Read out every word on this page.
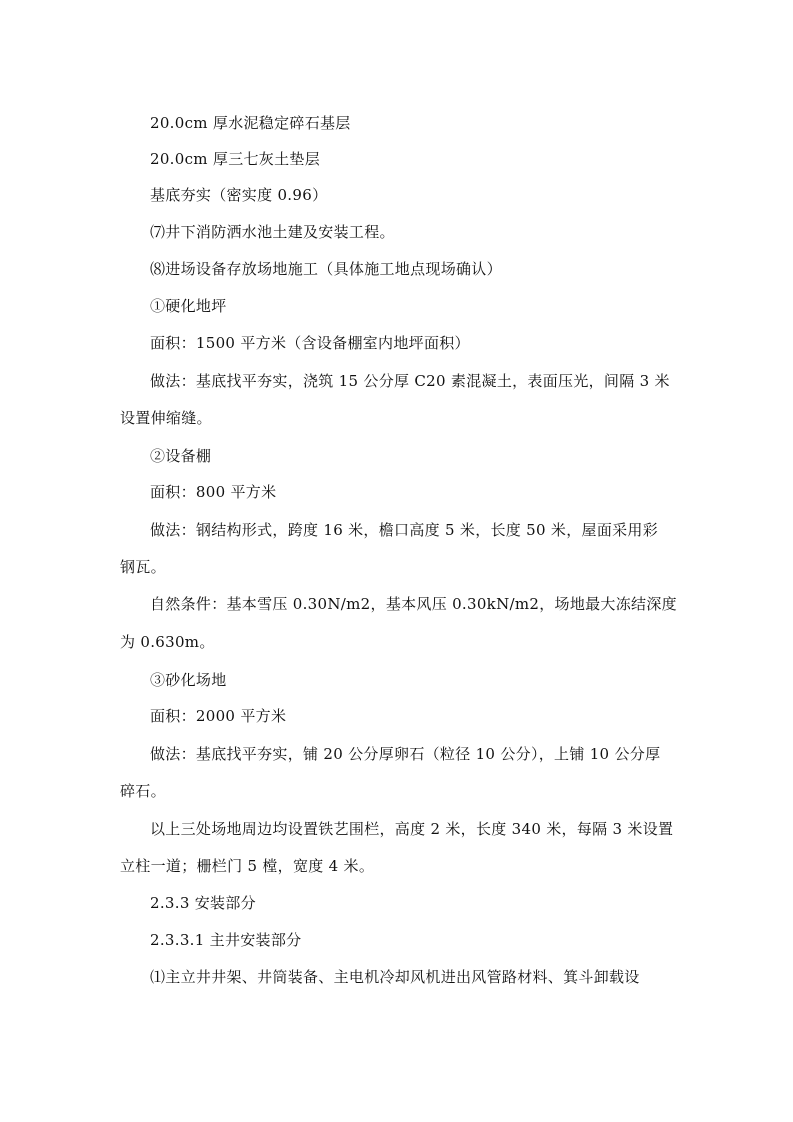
20.0cm 厚水泥稳定碎石基层
20.0cm 厚三七灰土垫层
基底夯实（密实度 0.96）
⑺井下消防洒水池土建及安装工程。
⑻进场设备存放场地施工（具体施工地点现场确认）
①硬化地坪
面积：1500 平方米（含设备棚室内地坪面积）
做法：基底找平夯实，浇筑 15 公分厚 C20 素混凝土，表面压光，间隔 3 米
设置伸缩缝。
②设备棚
面积：800 平方米
做法：钢结构形式，跨度 16 米，檐口高度 5 米，长度 50 米，屋面采用彩
钢瓦。
自然条件：基本雪压 0.30N/m2，基本风压 0.30kN/m2，场地最大冻结深度
为 0.630m。
③砂化场地
面积：2000 平方米
做法：基底找平夯实，铺 20 公分厚卵石（粒径 10 公分），上铺 10 公分厚
碎石。
以上三处场地周边均设置铁艺围栏，高度 2 米，长度 340 米，每隔 3 米设置
立柱一道；栅栏门 5 樘，宽度 4 米。
2.3.3 安装部分
2.3.3.1 主井安装部分
⑴主立井井架、井筒装备、主电机冷却风机进出风管路材料、箕斗卸载设
